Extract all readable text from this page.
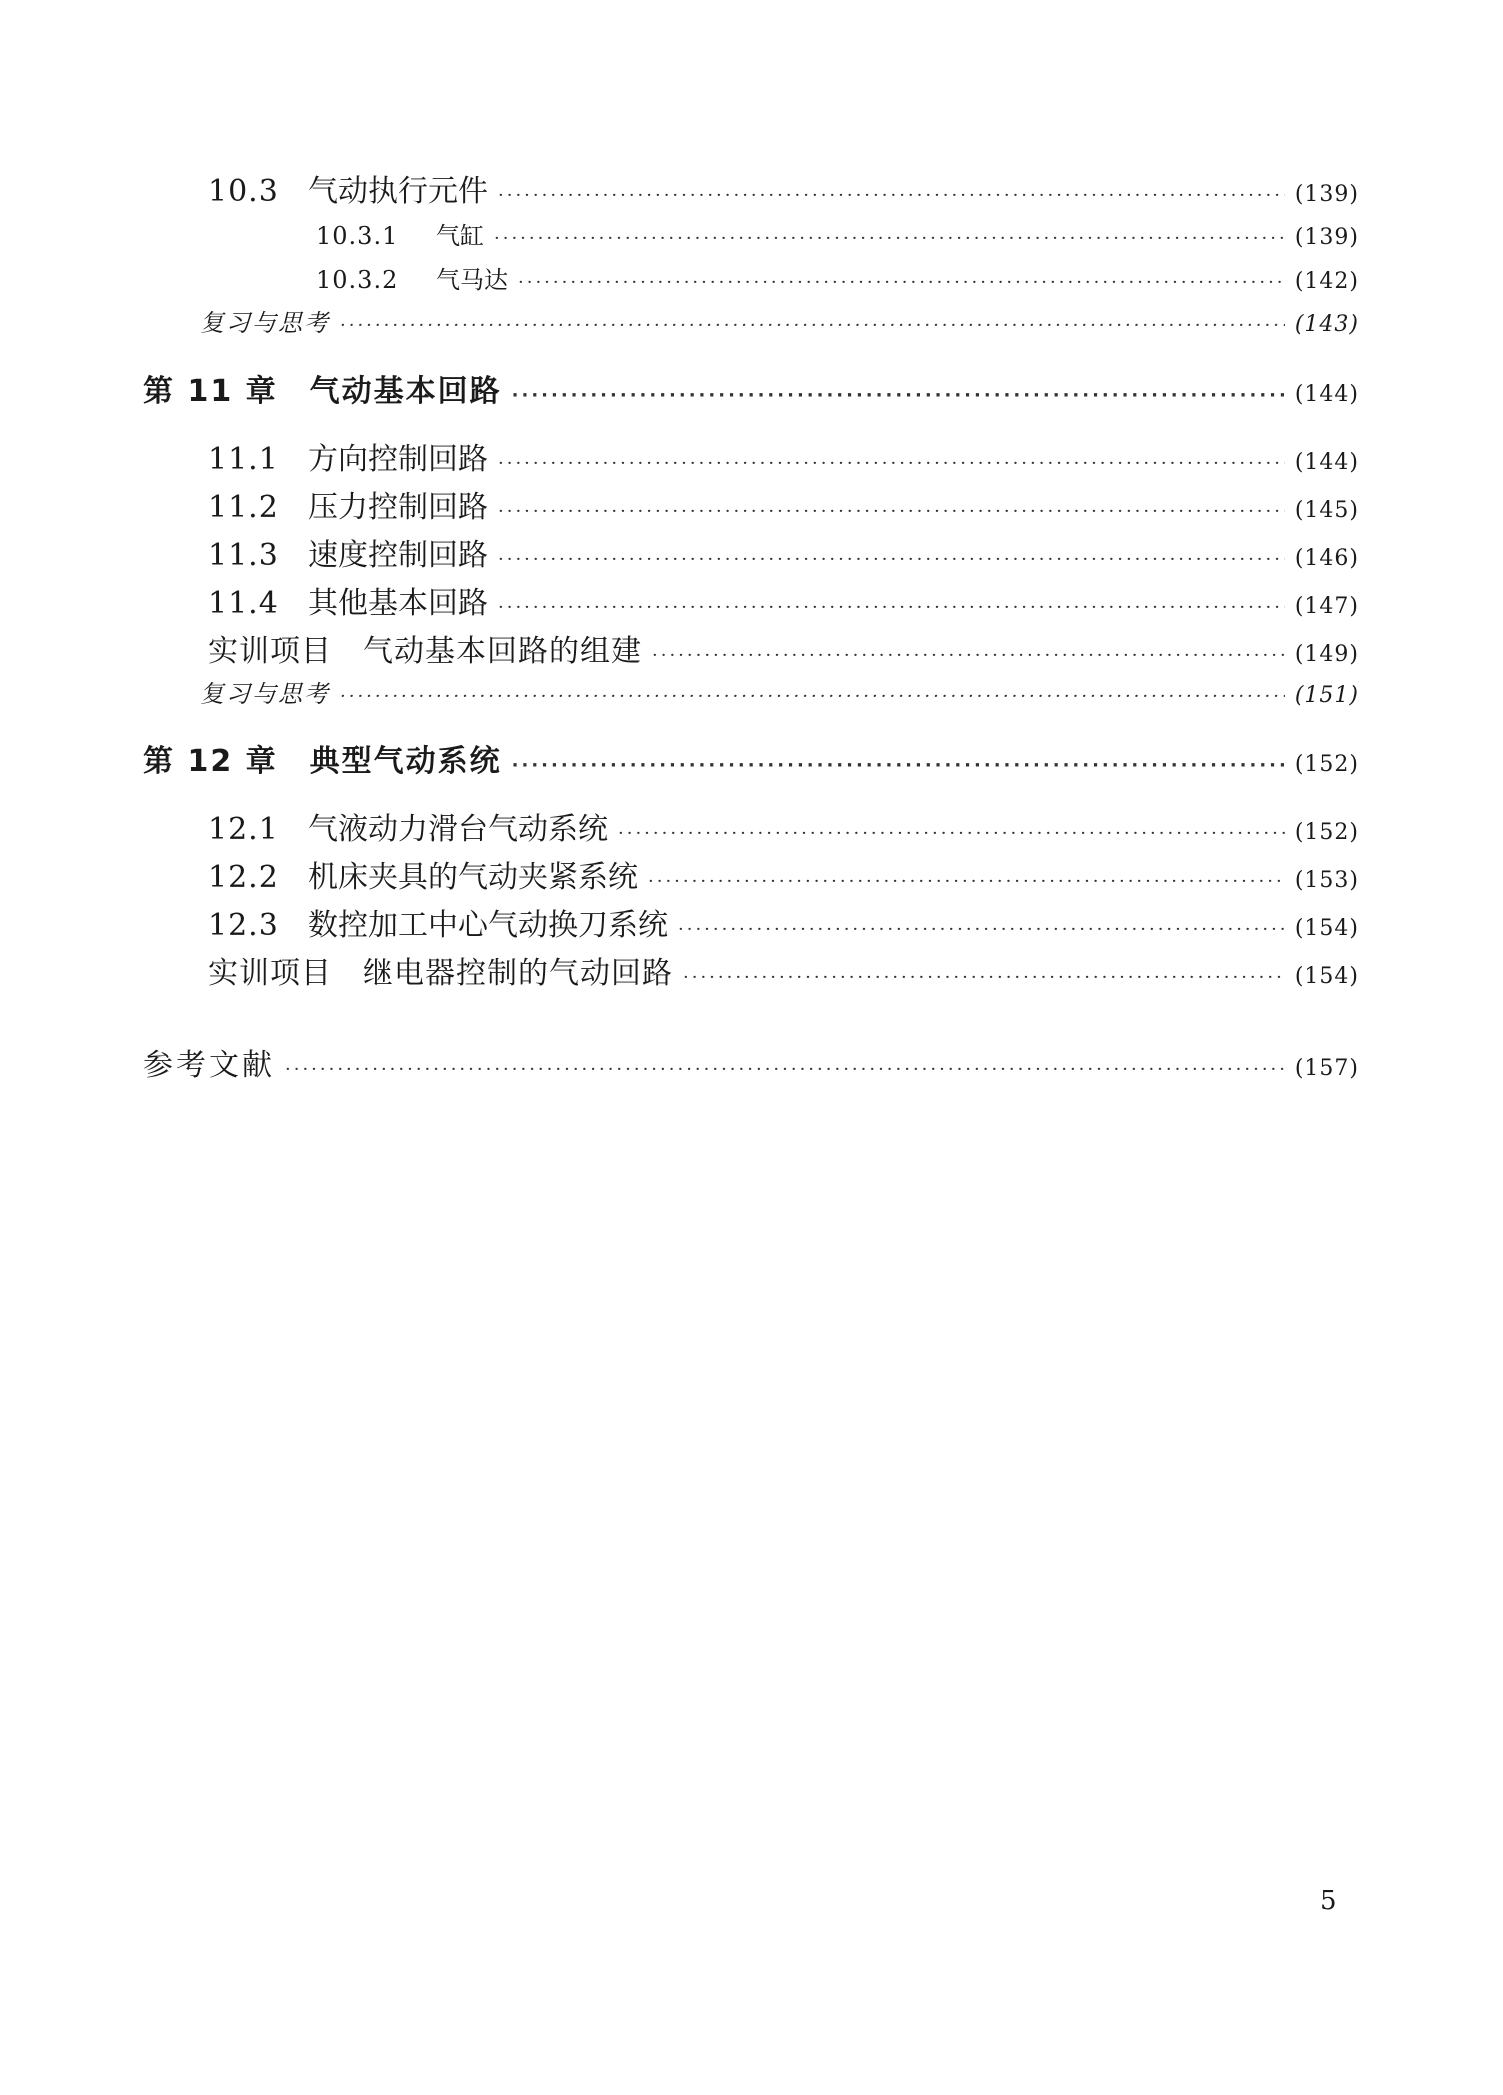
10.3 气动执行元件 ·····	(139)
10.3.1 气缸 ·····	(139)
10.3.2 气马达 ·····	(142)
复习与思考 ·····	(143)
第 11 章　气动基本回路 ·····	(144)
11.1 方向控制回路 ·····	(144)
11.2 压力控制回路 ·····	(145)
11.3 速度控制回路 ·····	(146)
11.4 其他基本回路 ·····	(147)
实训项目　气动基本回路的组建 ·····	(149)
复习与思考 ·····	(151)
第 12 章　典型气动系统 ·····	(152)
12.1 气液动力滑台气动系统 ·····	(152)
12.2 机床夹具的气动夹紧系统 ·····	(153)
12.3 数控加工中心气动换刀系统 ·····	(154)
实训项目　继电器控制的气动回路 ·····	(154)
参考文献 ·····	(157)
5
